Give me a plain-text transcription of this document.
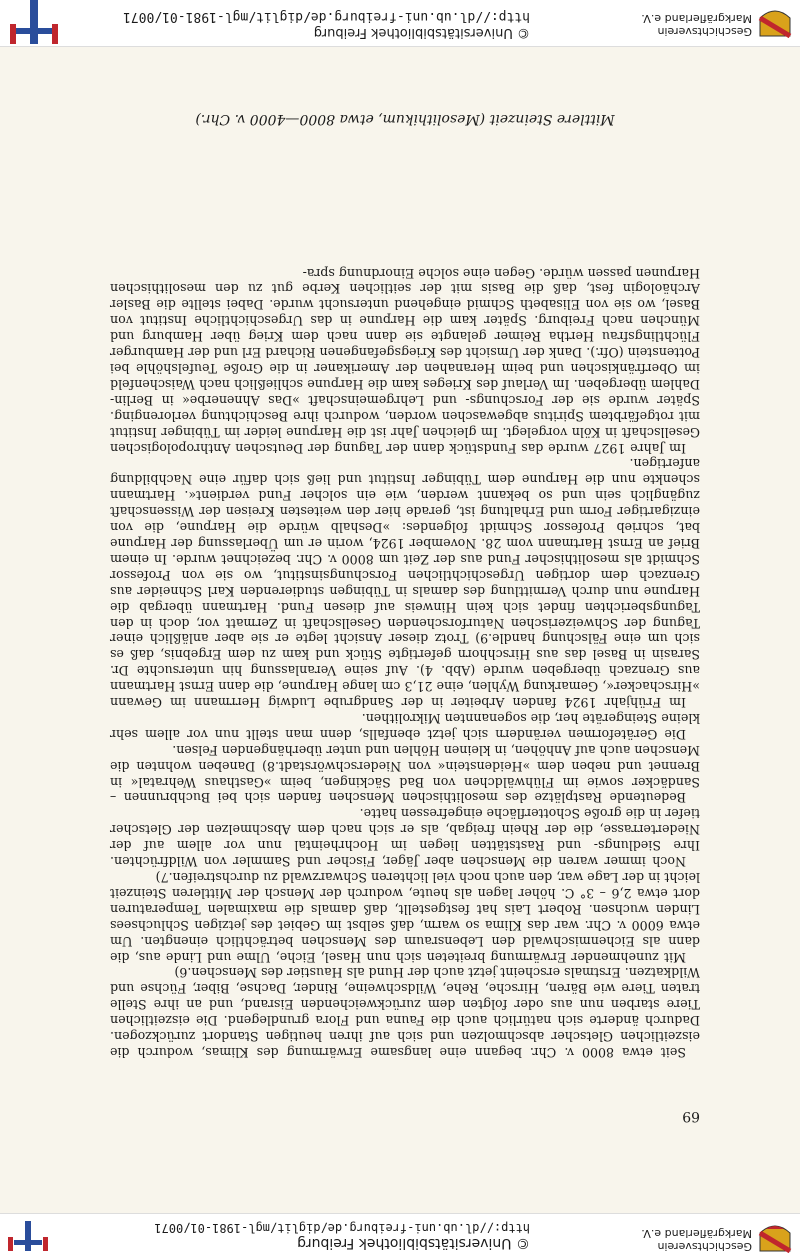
Geschichtsverein
Markgräflerland e.V.
© Universitätsbibliothek Freiburg
http://dl.ub.uni-freiburg.de/diglit/mgl-1981-01/0071
69
Mittlere Steinzeit (Mesolithikum, etwa 8000—4000 v. Chr.)

Seit etwa 8000 v. Chr. begann eine langsame Erwärmung des Klimas, wodurch die eiszeitlichen Gletscher abschmolzen und sich auf ihren heutigen Standort zurückzogen. Dadurch änderte sich natürlich auch die Fauna und Flora grundlegend. Die eiszeitlichen Tiere starben nun aus oder folgten dem zurückweichenden Eisrand, und an ihre Stelle traten Tiere wie Bären, Hirsche, Rehe, Wildschweine, Rinder, Dachse, Biber, Füchse und Wildkatzen. Erstmals erscheint jetzt auch der Hund als Haustier des Menschen.6)

Mit zunehmender Erwärmung breiteten sich nun Hasel, Eiche, Ulme und Linde aus, die dann als Eichenmischwald den Lebensraum des Menschen beträchtlich einengten. Um etwa 6000 v. Chr. war das Klima so warm, daß selbst im Gebiet des jetzigen Schluchsees Linden wuchsen. Robert Lais hat festgestellt, daß damals die maximalen Temperaturen dort etwa 2,6 – 3° C. höher lagen als heute, wodurch der Mensch der Mittleren Steinzeit leicht in der Lage war, den auch noch viel lichteren Schwarzwald zu durchstreifen.7)

Noch immer waren die Menschen aber Jäger, Fischer und Sammler von Wildfrüchten. Ihre Siedlungs- und Raststätten liegen im Hochrheintal nun vor allem auf der Niederterrasse, die der Rhein freigab, als er sich nach dem Abschmelzen der Gletscher tiefer in die große Schotterfläche eingefressen hatte.

Bedeutende Rastplätze des mesolithischen Menschen fanden sich bei Buchbrunnen – Sandäcker sowie im Flühwäldchen von Bad Säckingen, beim »Gasthaus Wehratal« in Brennet und neben dem »Heidenstein« von Niederschwörstadt.8) Daneben wohnten die Menschen auch auf Anhöhen, in kleinen Höhlen und unter überhängenden Felsen.

Die Geräteformen verändern sich jetzt ebenfalls, denn man stellt nun vor allem sehr kleine Steingeräte her, die sogenannten Mikrolithen.

Im Frühjahr 1924 fanden Arbeiter in der Sandgrube Ludwig Herrmann im Gewann »Hirschacker«, Gemarkung Wyhlen, eine 21,3 cm lange Harpune, die dann Ernst Hartmann aus Grenzach übergeben wurde (Abb. 4). Auf seine Veranlassung hin untersuchte Dr. Sarasin in Basel das aus Hirschhorn gefertigte Stück und kam zu dem Ergebnis, daß es sich um eine Fälschung handle.9) Trotz dieser Ansicht legte er sie aber anläßlich einer Tagung der Schweizerischen Naturforschenden Gesellschaft in Zermatt vor, doch in den Tagungsberichten findet sich kein Hinweis auf diesen Fund. Hartmann übergab die Harpune nun durch Vermittlung des damals in Tübingen studierenden Karl Schneider aus Grenzach dem dortigen Urgeschichtlichen Forschungsinstitut, wo sie von Professor Schmidt als mesolithischer Fund aus der Zeit um 8000 v. Chr. bezeichnet wurde. In einem Brief an Ernst Hartmann vom 28. November 1924, worin er um Überlassung der Harpune bat, schrieb Professor Schmidt folgendes: »Deshalb würde die Harpune, die von einzigartiger Form und Erhaltung ist, gerade hier den weitesten Kreisen der Wissenschaft zugänglich sein und so bekannt werden, wie ein solcher Fund verdient«. Hartmann schenkte nun die Harpune dem Tübinger Institut und ließ sich dafür eine Nachbildung anfertigen.

Im Jahre 1927 wurde das Fundstück dann der Tagung der Deutschen Anthropologischen Gesellschaft in Köln vorgelegt. Im gleichen Jahr ist die Harpune leider im Tübinger Institut mit rotgefärbtem Spiritus abgewaschen worden, wodurch ihre Beschichtung verlorenging. Später wurde sie der Forschungs- und Lehrgemeinschaft »Das Ahnenerbe« in Berlin-Dahlem übergeben. Im Verlauf des Krieges kam die Harpune schließlich nach Waischenfeld im Oberfränkischen und beim Heranahen der Amerikaner in die Große Teufelshöhle bei Pottenstein (Ofr.). Dank der Umsicht des Kriegsgefangenen Richard Erl und der Hamburger Flüchtlingsfrau Hertha Reimer gelangte sie dann nach dem Krieg über Hamburg und München nach Freiburg. Später kam die Harpune in das Urgeschichtliche Institut von Basel, wo sie von Elisabeth Schmid eingehend untersucht wurde. Dabei stellte die Basler Archäologin fest, daß die Basis mit der seitlichen Kerbe gut zu den mesolithischen Harpunen passen würde. Gegen eine solche Einordnung spra-

Geschichtsverein
Markgräflerland e.V.
© Universitätsbibliothek Freiburg
http://dl.ub.uni-freiburg.de/diglit/mgl-1981-01/0071
